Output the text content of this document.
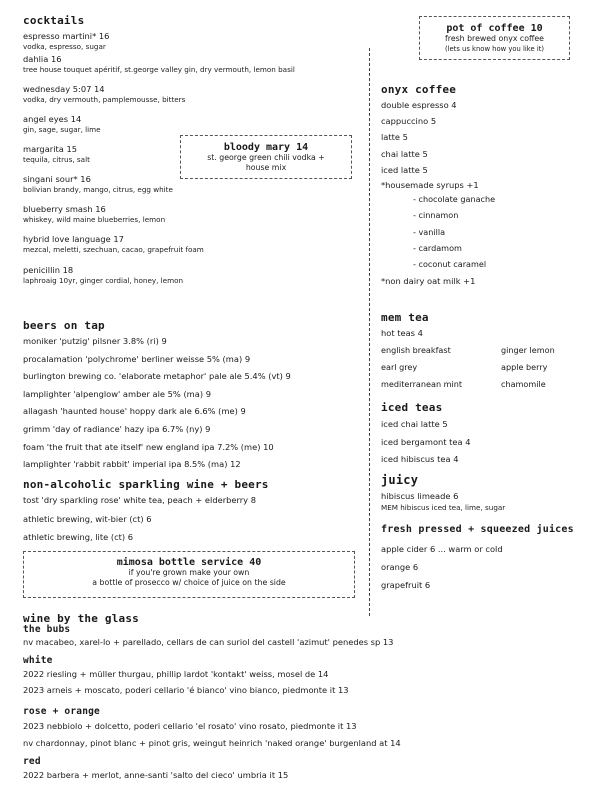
cocktails
espresso martini* 16
vodka, espresso, sugar
dahlia 16
tree house touquet apéritif, st.george valley gin, dry vermouth, lemon basil
wednesday 5:07 14
vodka, dry vermouth, pamplemousse, bitters
angel eyes 14
gin, sage, sugar, lime
margarita 15
tequila, citrus, salt
singani sour* 16
bolivian brandy, mango, citrus, egg white
blueberry smash 16
whiskey, wild maine blueberries, lemon
hybrid love language 17
mezcal, meletti, szechuan, cacao, grapefruit foam
penicillin 18
laphroaig 10yr, ginger cordial, honey, lemon
bloody mary 14
st. george green chili vodka +
house mix
beers on tap
moniker 'putzig' pilsner 3.8% (ri) 9
procalamation 'polychrome' berliner weisse 5% (ma) 9
burlington brewing co. 'elaborate metaphor' pale ale 5.4% (vt) 9
lamplighter 'alpenglow' amber ale 5% (ma) 9
allagash 'haunted house' hoppy dark ale 6.6% (me) 9
grimm 'day of radiance' hazy ipa 6.7% (ny) 9
foam 'the fruit that ate itself' new england ipa 7.2% (me) 10
lamplighter 'rabbit rabbit' imperial ipa 8.5% (ma) 12
non-alcoholic sparkling wine + beers
tost 'dry sparkling rose' white tea, peach + elderberry 8
athletic brewing, wit-bier (ct) 6
athletic brewing, lite (ct) 6
mimosa bottle service 40
if you're grown make your own
a bottle of prosecco w/ choice of juice on the side
pot of coffee 10
fresh brewed onyx coffee
(lets us know how you like it)
onyx coffee
double espresso 4
cappuccino 5
latte 5
chai latte 5
iced latte 5
*housemade syrups +1
- chocolate ganache
- cinnamon
- vanilla
- cardamom
- coconut caramel
*non dairy oat milk +1
mem tea
hot teas 4
english breakfast
earl grey
mediterranean mint
ginger lemon
apple berry
chamomile
iced teas
iced chai latte 5
iced bergamont tea 4
iced hibiscus tea 4
juicy
hibiscus limeade 6
MEM hibiscus iced tea, lime, sugar
fresh pressed + squeezed juices
apple cider 6 ... warm or cold
orange 6
grapefruit 6
wine by the glass
the bubs
nv macabeo, xarel-lo + parellado, cellars de can suriol del castell 'azimut' penedes sp 13
white
2022 riesling + müller thurgau, phillip lardot 'kontakt' weiss, mosel de 14
2023 arneis + moscato, poderi cellario 'é bianco' vino bianco, piedmonte it 13
rose + orange
2023 nebbiolo + dolcetto, poderi cellario 'el rosato' vino rosato, piedmonte it 13
nv chardonnay, pinot blanc + pinot gris, weingut heinrich 'naked orange' burgenland at 14
red
2022 barbera + merlot, anne-santi 'salto del cieco' umbria it 15
